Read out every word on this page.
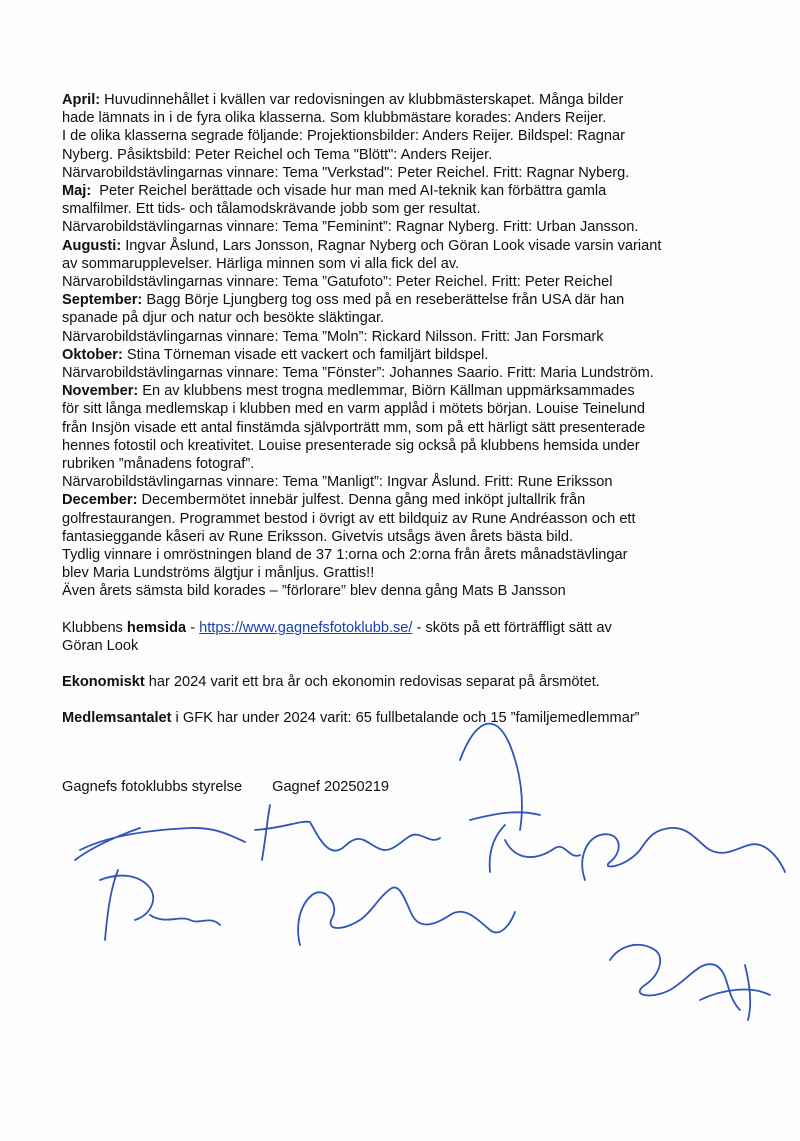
April: Huvudinnehållet i kvällen var redovisningen av klubbmästerskapet. Många bilder
hade lämnats in i de fyra olika klasserna. Som klubbmästare korades: Anders Reijer.
I de olika klasserna segrade följande: Projektionsbilder: Anders Reijer. Bildspel: Ragnar
Nyberg. Påsiktsbild: Peter Reichel och Tema "Blött": Anders Reijer.
Närvarobildstävlingarnas vinnare: Tema "Verkstad": Peter Reichel. Fritt: Ragnar Nyberg.
Maj:  Peter Reichel berättade och visade hur man med AI-teknik kan förbättra gamla
smalfilmer. Ett tids- och tålamodskrävande jobb som ger resultat.
Närvarobildstävlingarnas vinnare: Tema ”Feminint”: Ragnar Nyberg. Fritt: Urban Jansson.
Augusti: Ingvar Åslund, Lars Jonsson, Ragnar Nyberg och Göran Look visade varsin variant
av sommarupplevelser. Härliga minnen som vi alla fick del av.
Närvarobildstävlingarnas vinnare: Tema ”Gatufoto”: Peter Reichel. Fritt: Peter Reichel
September: Bagg Börje Ljungberg tog oss med på en reseberättelse från USA där han
spanade på djur och natur och besökte släktingar.
Närvarobildstävlingarnas vinnare: Tema ”Moln”: Rickard Nilsson. Fritt: Jan Forsmark
Oktober: Stina Törneman visade ett vackert och familjärt bildspel.
Närvarobildstävlingarnas vinnare: Tema ”Fönster”: Johannes Saario. Fritt: Maria Lundström.
November: En av klubbens mest trogna medlemmar, Biörn Källman uppmärksammades
för sitt långa medlemskap i klubben med en varm applåd i mötets början. Louise Teinelund
från Insjön visade ett antal finstämda självporträtt mm, som på ett härligt sätt presenterade
hennes fotostil och kreativitet. Louise presenterade sig också på klubbens hemsida under
rubriken ”månadens fotograf”.
Närvarobildstävlingarnas vinnare: Tema ”Manligt”: Ingvar Åslund. Fritt: Rune Eriksson
December: Decembermötet innebär julfest. Denna gång med inköpt jultallrik från
golfrestaurangen. Programmet bestod i övrigt av ett bildquiz av Rune Andréasson och ett
fantasieggande kåseri av Rune Eriksson. Givetvis utsågs även årets bästa bild.
Tydlig vinnare i omröstningen bland de 37 1:orna och 2:orna från årets månadstävlingar
blev Maria Lundströms älgtjur i månljus. Grattis!!
Även årets sämsta bild korades – ”förlorare” blev denna gång Mats B Jansson
Klubbens hemsida - https://www.gagnefsfotoklubb.se/ - sköts på ett förträffligt sätt av
Göran Look
Ekonomiskt har 2024 varit ett bra år och ekonomin redovisas separat på årsmötet.
Medlemsantalet i GFK har under 2024 varit: 65 fullbetalande och 15 ”familjemedlemmar”
Gagnefs fotoklubbs styrelse Gagnef 20250219
